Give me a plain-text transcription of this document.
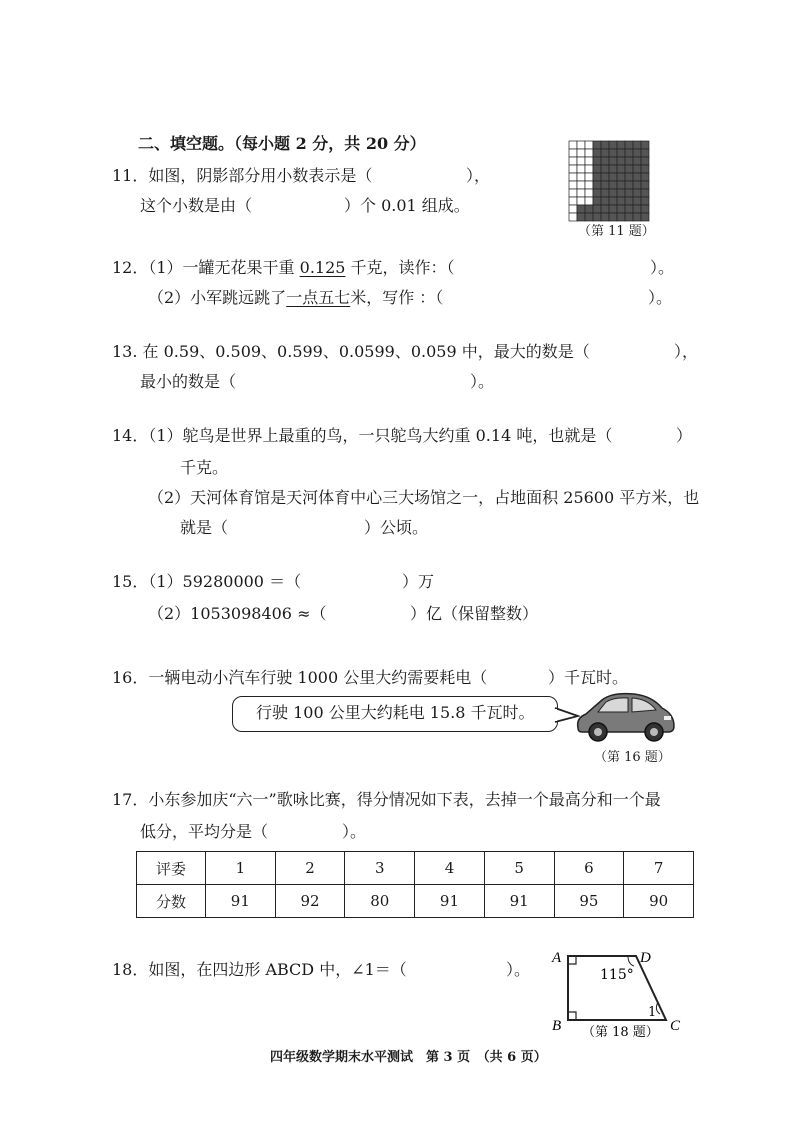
二、填空题。（每小题 2 分，共 20 分）
11．如图，阴影部分用小数表示是（	），
这个小数是由（	）个 0.01 组成。
（第 11 题）
12．（1）一罐无花果干重 0.125 千克，读作：（	）。
（2）小军跳远跳了一点五七米，写作 ：（	）。
13. 在 0.59、0.509、0.599、0.0599、0.059 中，最大的数是（	），
最小的数是（	）。
14．（1）鸵鸟是世界上最重的鸟，一只鸵鸟大约重 0.14 吨，也就是（	）
千克。
（2）天河体育馆是天河体育中心三大场馆之一，占地面积 25600 平方米，也
就是（	）公顷。
15．（1）59280000 ＝（	）万
（2）1053098406 ≈（	）亿（保留整数）
16．一辆电动小汽车行驶 1000 公里大约需要耗电（	）千瓦时。
行驶 100 公里大约耗电 15.8 千瓦时。
（第 16 题）
17．小东参加庆“六一”歌咏比赛，得分情况如下表，去掉一个最高分和一个最
低分，平均分是（	）。
评委	1	2	3	4	5	6	7
分数	91	92	80	91	91	95	90
18．如图，在四边形 ABCD 中，∠1＝（	）。
A	D
B	C
115°
1
（第 18 题）
四年级数学期末水平测试　第 3 页　（共 6 页）
